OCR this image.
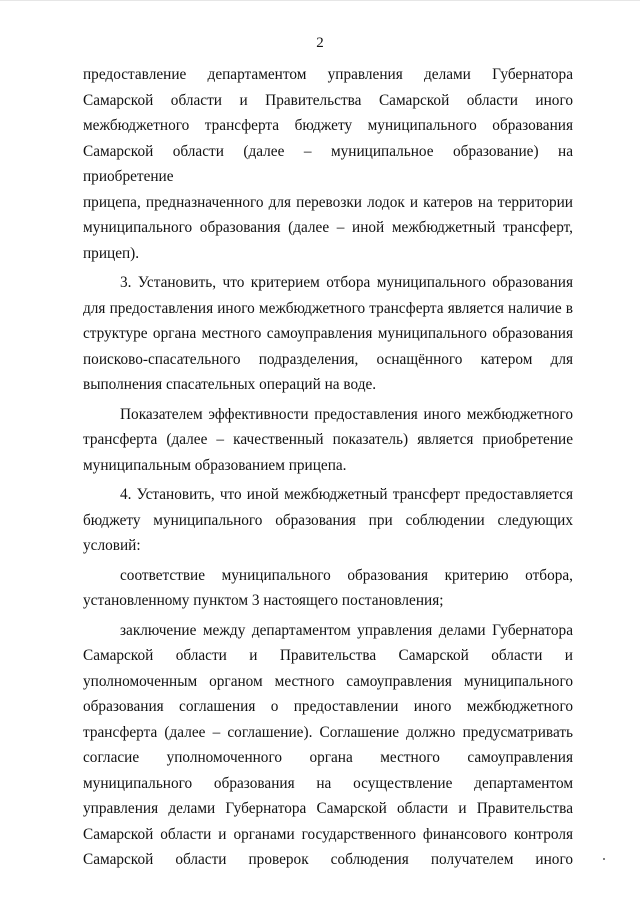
2
предоставление департаментом управления делами Губернатора
Самарской области и Правительства Самарской области иного
межбюджетного трансферта бюджету муниципального образования
Самарской области (далее – муниципальное образование) на приобретение
прицепа, предназначенного для перевозки лодок и катеров на территории
муниципального образования (далее – иной межбюджетный трансферт,
прицеп).
3. Установить, что критерием отбора муниципального образования
для предоставления иного межбюджетного трансферта является наличие в
структуре органа местного самоуправления муниципального образования
поисково-спасательного подразделения, оснащённого катером для
выполнения спасательных операций на воде.
Показателем эффективности предоставления иного межбюджетного
трансферта (далее – качественный показатель) является приобретение
муниципальным образованием прицепа.
4. Установить, что иной межбюджетный трансферт предоставляется
бюджету муниципального образования при соблюдении следующих
условий:
соответствие муниципального образования критерию отбора,
установленному пунктом 3 настоящего постановления;
заключение между департаментом управления делами Губернатора
Самарской области и Правительства Самарской области и
уполномоченным органом местного самоуправления муниципального
образования соглашения о предоставлении иного межбюджетного
трансферта (далее – соглашение). Соглашение должно предусматривать
согласие уполномоченного органа местного самоуправления
муниципального образования на осуществление департаментом
управления делами Губернатора Самарской области и Правительства
Самарской области и органами государственного финансового контроля
Самарской области проверок соблюдения получателем иного
